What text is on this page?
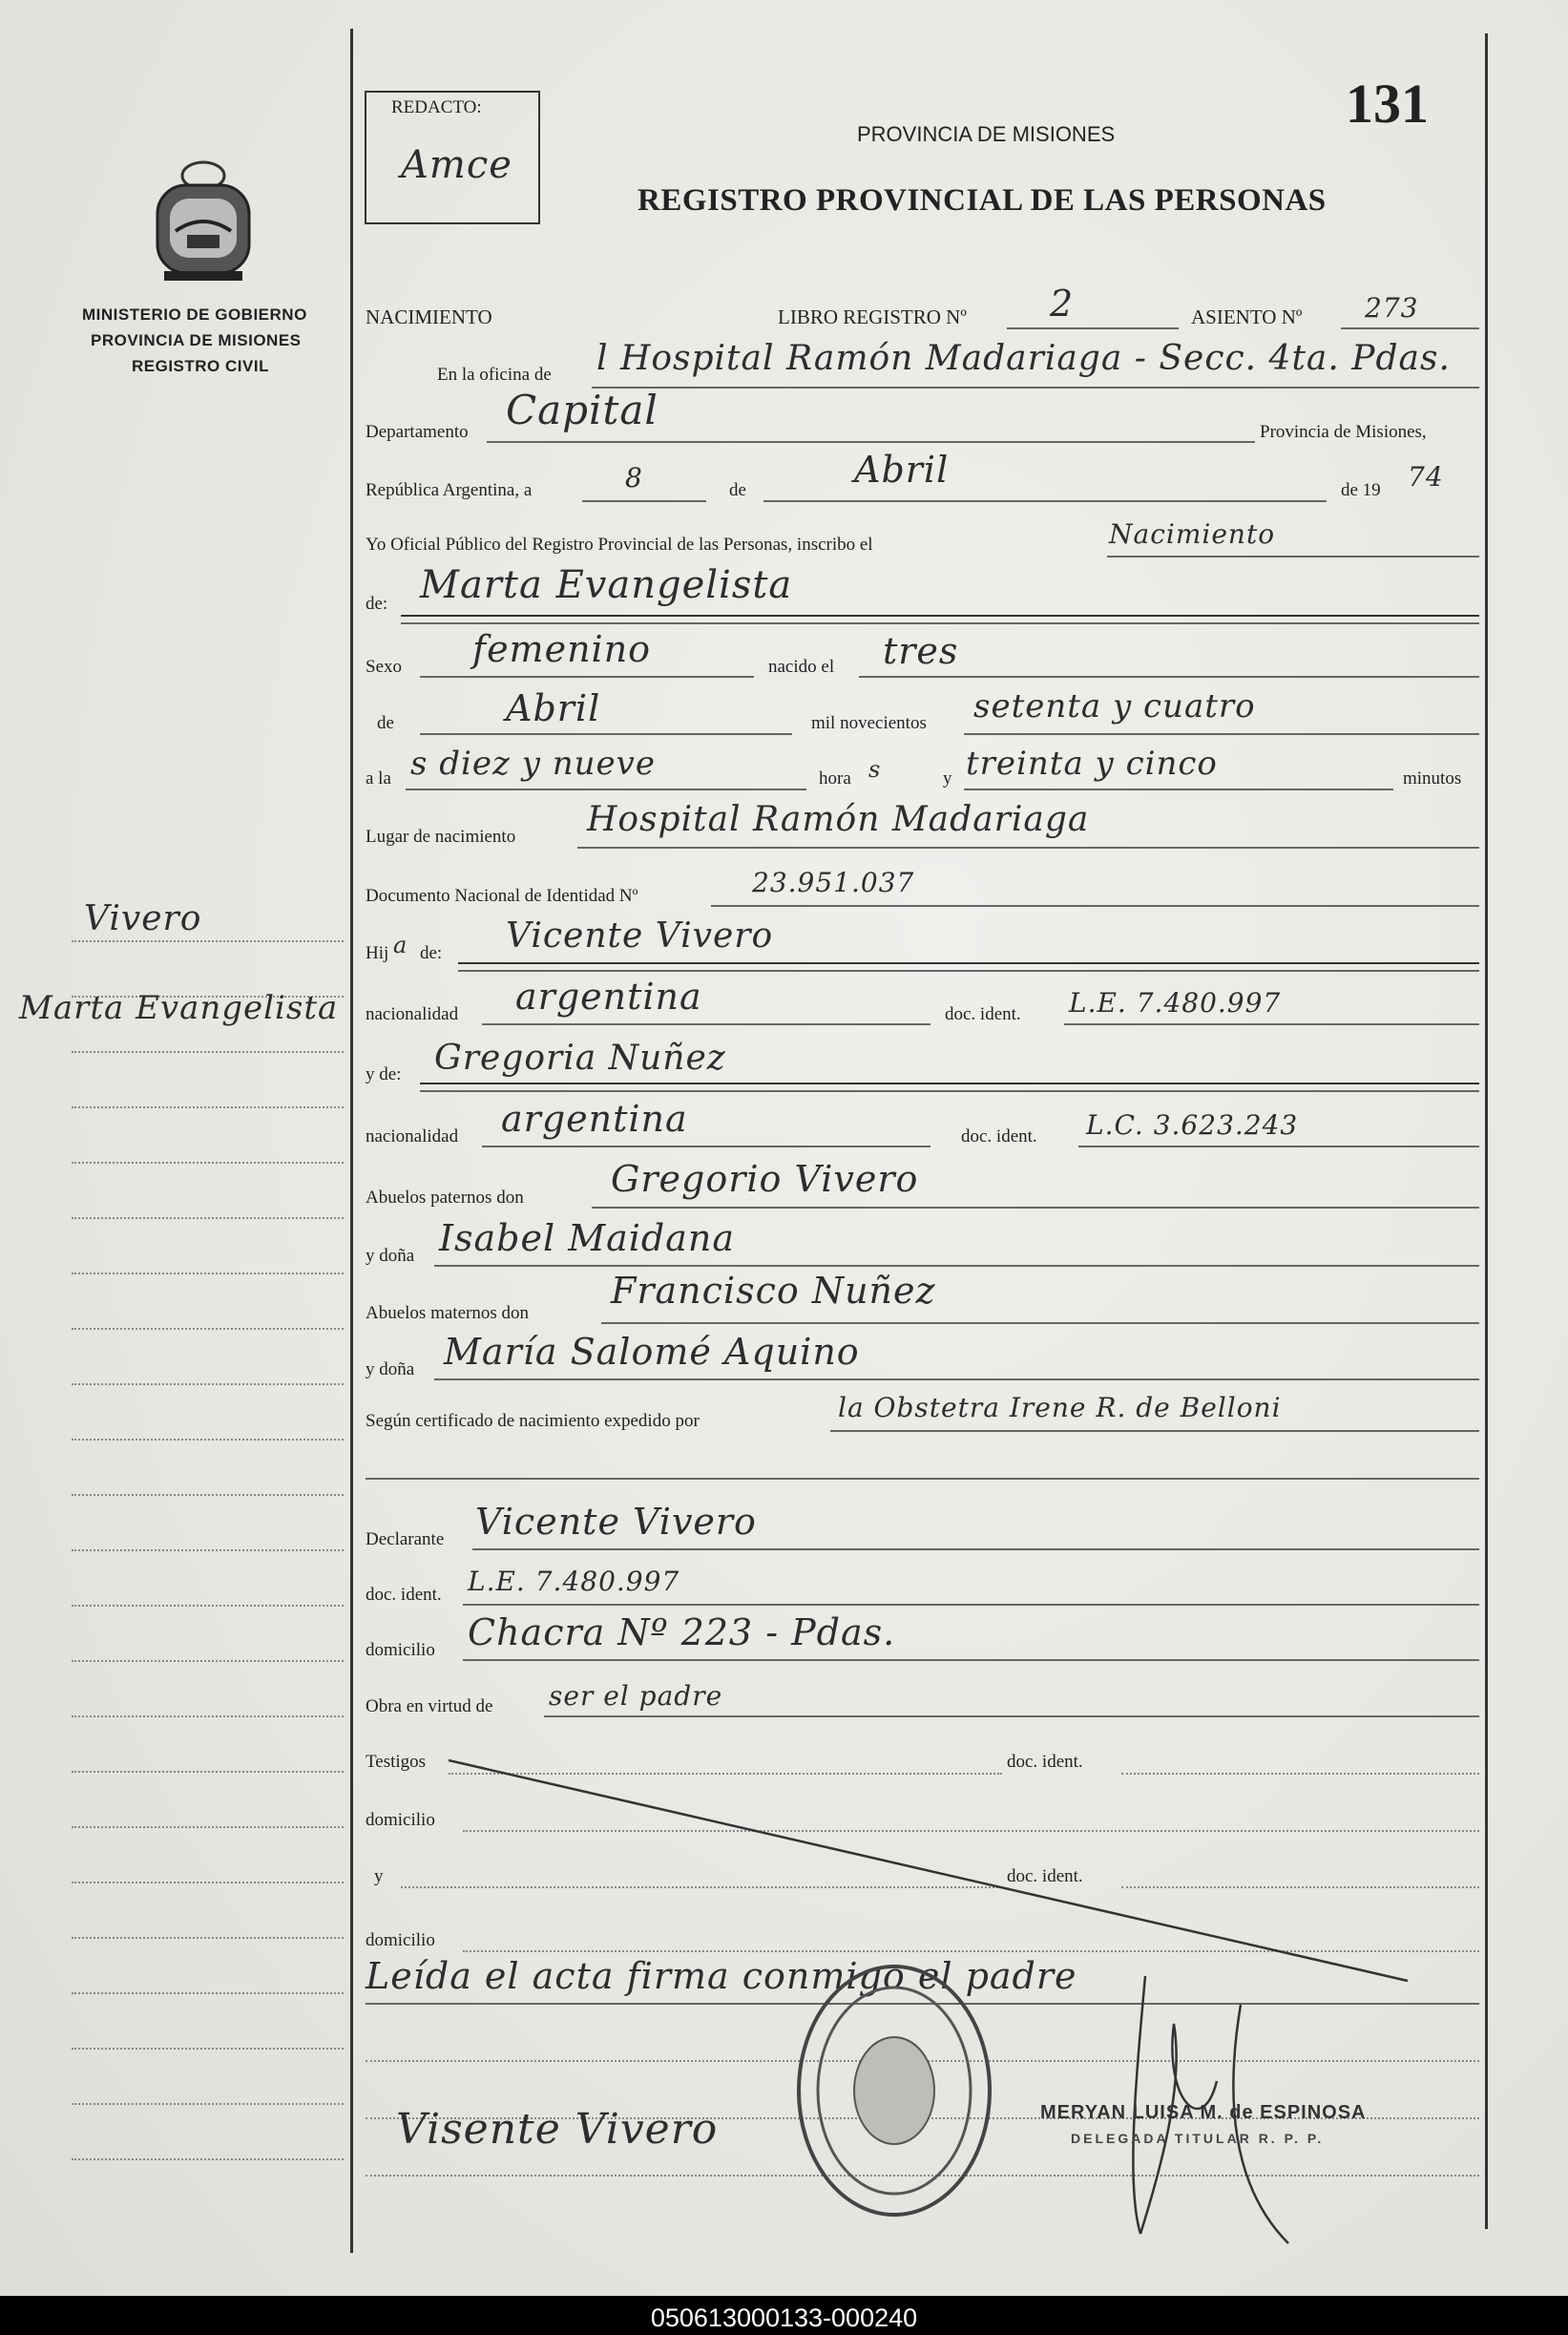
MINISTERIO DE GOBIERNO
PROVINCIA DE MISIONES
REGISTRO CIVIL
REDACTO:
Amce
PROVINCIA DE MISIONES
REGISTRO PROVINCIAL DE LAS PERSONAS
131
NACIMIENTO	LIBRO REGISTRO Nº 2	ASIENTO Nº 273
En la oficina de l Hospital Ramón Madariaga - Secc. 4ta. Pdas.
Departamento Capital	Provincia de Misiones,
República Argentina, a	8	de	Abril	de 19 74
Yo Oficial Público del Registro Provincial de las Personas, inscribo el	Nacimiento
de: Marta Evangelista
Sexo femenino	nacido el tres
de	Abril	mil novecientos setenta y cuatro
a la s diez y nueve	hora s	y treinta y cinco	minutos
Lugar de nacimiento Hospital Ramón Madariaga
Documento Nacional de Identidad Nº	23.951.037
Hij a de: Vicente Vivero
nacionalidad argentina	doc. ident. L.E. 7.480.997
y de: Gregoria Nuñez
nacionalidad argentina	doc. ident. L.C. 3.623.243
Abuelos paternos don Gregorio Vivero
y doña Isabel Maidana
Abuelos maternos don
Francisco Nuñez
y doña María Salomé Aquino
Según certificado de nacimiento expedido por	la Obstetra Irene R. de Belloni
Declarante Vicente Vivero
doc. ident. L.E. 7.480.997
domicilio Chacra Nº 223 - Pdas.
Obra en virtud de ser el padre
Testigos	doc. ident.
domicilio
y	doc. ident.
domicilio
Leída el acta firma conmigo el padre
Visente Vivero	MERYAN LUISA M. de ESPINOSA
DELEGADA TITULAR R. P. P.
Vivero
Marta Evangelista
050613000133-000240
